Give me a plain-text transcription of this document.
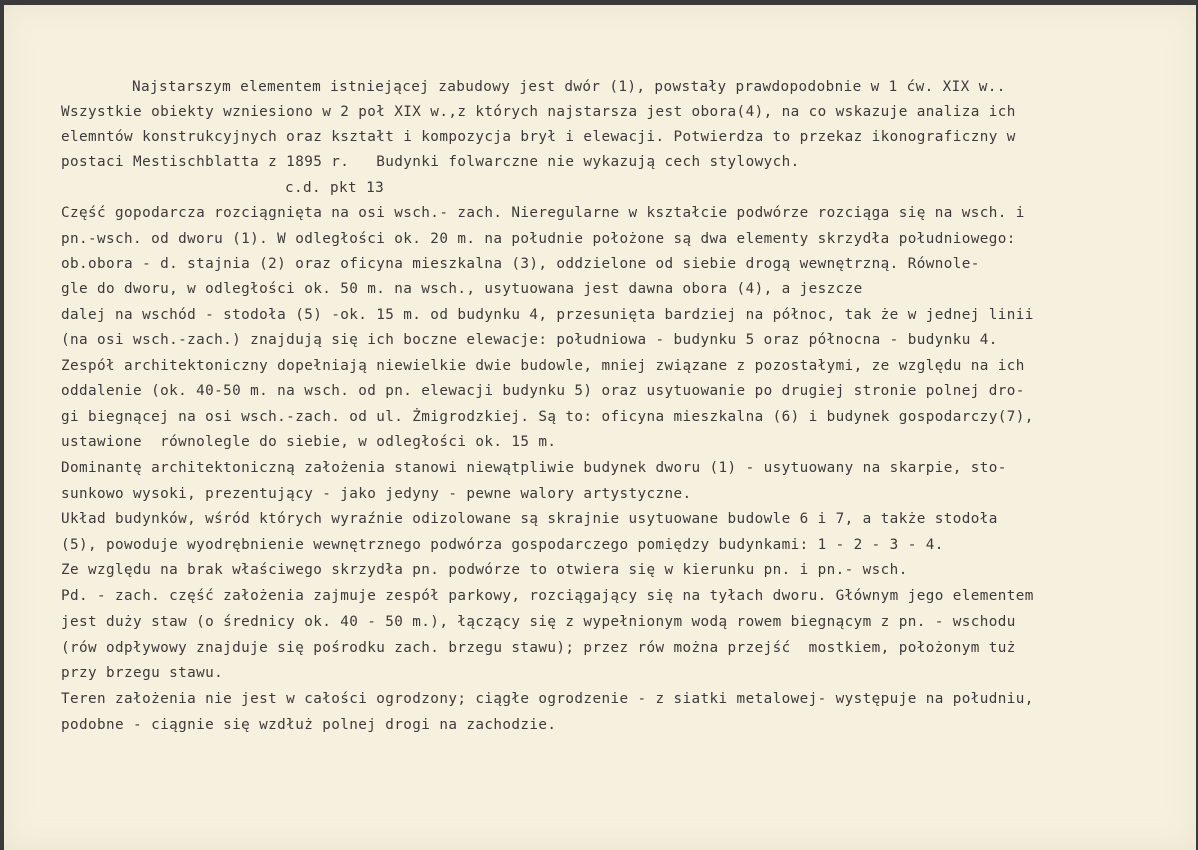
Najstarszym elementem istniejącej zabudowy jest dwór (1), powstały prawdopodobnie w 1 ćw. XIX w..
Wszystkie obiekty wzniesiono w 2 poł XIX w.,z których najstarsza jest obora(4), na co wskazuje analiza ich
elemntów konstrukcyjnych oraz kształt i kompozycja brył i elewacji. Potwierdza to przekaz ikonograficzny w
postaci Mestischblatta z 1895 r.   Budynki folwarczne nie wykazują cech stylowych.
c.d. pkt 13
Część gopodarcza rozciągnięta na osi wsch.- zach. Nieregularne w kształcie podwórze rozciąga się na wsch. i
pn.-wsch. od dworu (1). W odległości ok. 20 m. na południe położone są dwa elementy skrzydła południowego:
ob.obora - d. stajnia (2) oraz oficyna mieszkalna (3), oddzielone od siebie drogą wewnętrzną. Równole-
gle do dworu, w odległości ok. 50 m. na wsch., usytuowana jest dawna obora (4), a jeszcze
dalej na wschód - stodoła (5) -ok. 15 m. od budynku 4, przesunięta bardziej na północ, tak że w jednej linii
(na osi wsch.-zach.) znajdują się ich boczne elewacje: południowa - budynku 5 oraz północna - budynku 4.
Zespół architektoniczny dopełniają niewielkie dwie budowle, mniej związane z pozostałymi, ze względu na ich
oddalenie (ok. 40-50 m. na wsch. od pn. elewacji budynku 5) oraz usytuowanie po drugiej stronie polnej dro-
gi biegnącej na osi wsch.-zach. od ul. Żmigrodzkiej. Są to: oficyna mieszkalna (6) i budynek gospodarczy(7),
ustawione  równolegle do siebie, w odległości ok. 15 m.
Dominantę architektoniczną założenia stanowi niewątpliwie budynek dworu (1) - usytuowany na skarpie, sto-
sunkowo wysoki, prezentujący - jako jedyny - pewne walory artystyczne.
Układ budynków, wśród których wyraźnie odizolowane są skrajnie usytuowane budowle 6 i 7, a także stodoła
(5), powoduje wyodrębnienie wewnętrznego podwórza gospodarczego pomiędzy budynkami: 1 - 2 - 3 - 4.
Ze względu na brak właściwego skrzydła pn. podwórze to otwiera się w kierunku pn. i pn.- wsch.
Pd. - zach. część założenia zajmuje zespół parkowy, rozciągający się na tyłach dworu. Głównym jego elementem
jest duży staw (o średnicy ok. 40 - 50 m.), łączący się z wypełnionym wodą rowem biegnącym z pn. - wschodu
(rów odpływowy znajduje się pośrodku zach. brzegu stawu); przez rów można przejść  mostkiem, położonym tuż
przy brzegu stawu.
Teren założenia nie jest w całości ogrodzony; ciągłe ogrodzenie - z siatki metalowej- występuje na południu,
podobne - ciągnie się wzdłuż polnej drogi na zachodzie.
